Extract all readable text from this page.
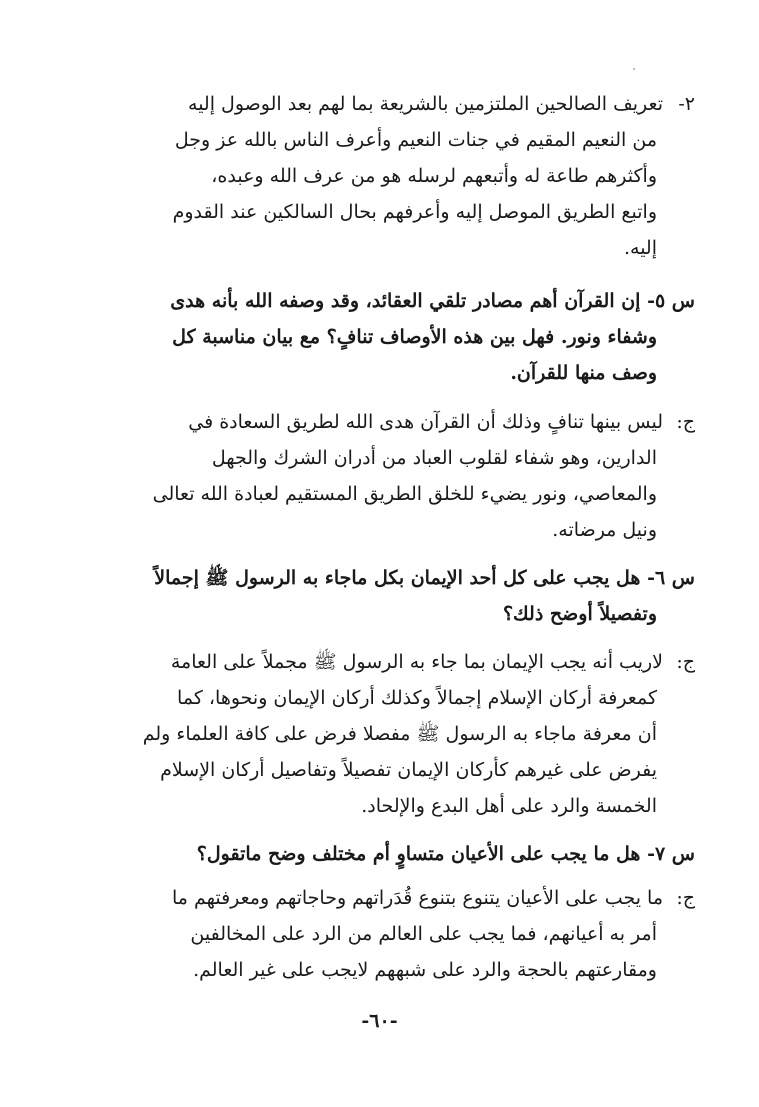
٢-تعريف الصالحين الملتزمين بالشريعة بما لهم بعد الوصول إليه
من النعيم المقيم في جنات النعيم وأعرف الناس بالله عز وجل
وأكثرهم طاعة له وأتبعهم لرسله هو من عرف الله وعبده،
واتبع الطريق الموصل إليه وأعرفهم بحال السالكين عند القدوم
إليه.
س ٥- إن القرآن أهم مصادر تلقي العقائد، وقد وصفه الله بأنه هدى
وشفاء ونور. فهل بين هذه الأوصاف تنافٍ؟ مع بيان مناسبة كل
وصف منها للقرآن.
ج:ليس بينها تنافٍ وذلك أن القرآن هدى الله لطريق السعادة في
الدارين، وهو شفاء لقلوب العباد من أدران الشرك والجهل
والمعاصي، ونور يضيء للخلق الطريق المستقيم لعبادة الله تعالى
ونيل مرضاته.
س ٦- هل يجب على كل أحد الإيمان بكل ماجاء به الرسول ﷺ إجمالاً
وتفصيلاً أوضح ذلك؟
ج:لاريب أنه يجب الإيمان بما جاء به الرسول ﷺ مجملاً على العامة
كمعرفة أركان الإسلام إجمالاً وكذلك أركان الإيمان ونحوها، كما
أن معرفة ماجاء به الرسول ﷺ مفصلا فرض على كافة العلماء ولم
يفرض على غيرهم كأركان الإيمان تفصيلاً وتفاصيل أركان الإسلام
الخمسة والرد على أهل البدع والإلحاد.
س ٧- هل ما يجب على الأعيان متساوٍ أم مختلف وضح ماتقول؟
ج:ما يجب على الأعيان يتنوع بتنوع قُدَراتهم وحاجاتهم ومعرفتهم ما
أمر به أعيانهم، فما يجب على العالم من الرد على المخالفين
ومقارعتهم بالحجة والرد على شبههم لايجب على غير العالم.
-٦٠-
